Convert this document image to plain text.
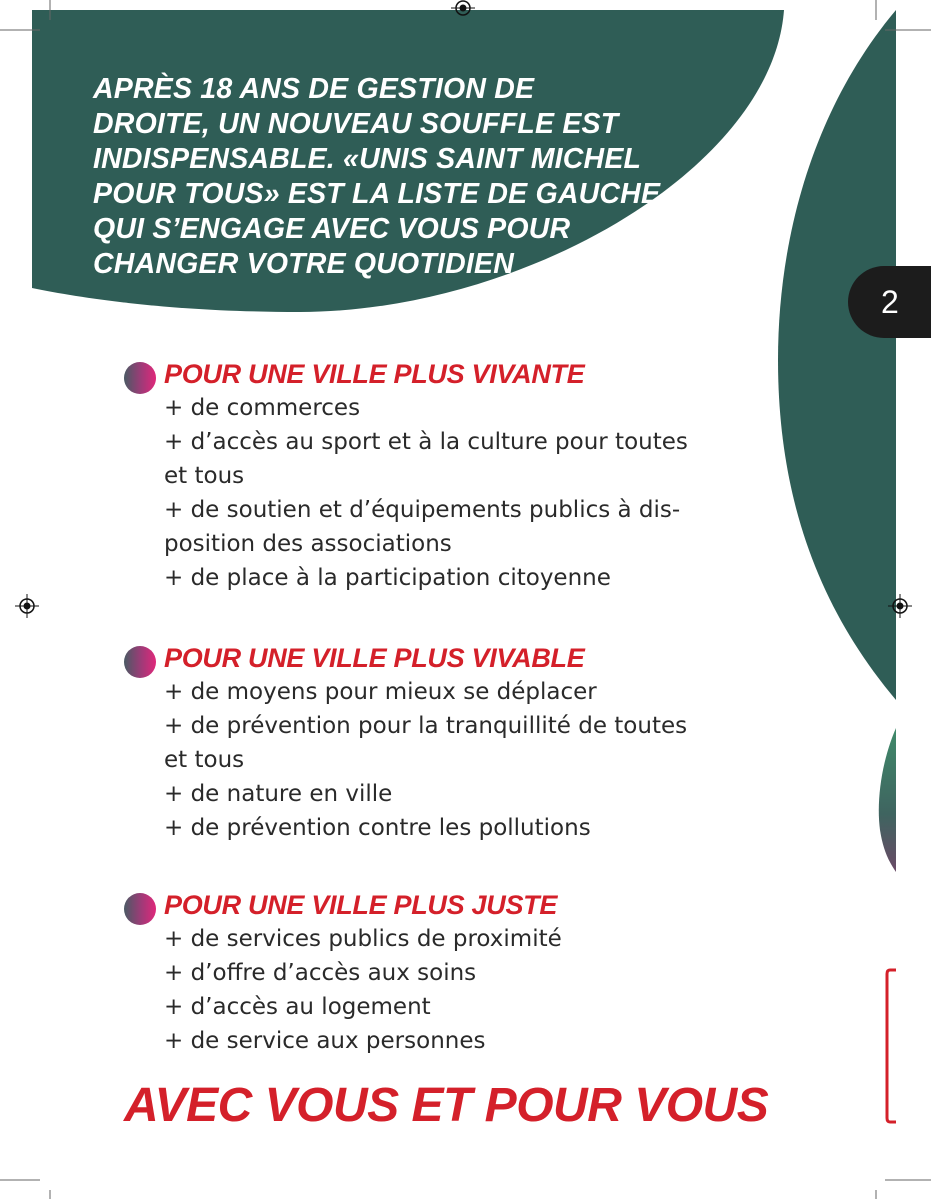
APRÈS 18 ANS DE GESTION DE
DROITE, UN NOUVEAU SOUFFLE EST
INDISPENSABLE. «UNIS SAINT MICHEL
POUR TOUS» EST LA LISTE DE GAUCHE
QUI S’ENGAGE AVEC VOUS POUR
CHANGER VOTRE QUOTIDIEN
2
POUR UNE VILLE PLUS VIVANTE
+ de commerces
+ d’accès au sport et à la culture pour toutes
et tous
+ de soutien et d’équipements publics à dis-
position des associations
+ de place à la participation citoyenne
POUR UNE VILLE PLUS VIVABLE
+ de moyens pour mieux se déplacer
+ de prévention pour la tranquillité de toutes
et tous
+ de nature en ville
+ de prévention contre les pollutions
POUR UNE VILLE PLUS JUSTE
+ de services publics de proximité
+ d’offre d’accès aux soins
+ d’accès au logement
+ de service aux personnes
AVEC VOUS ET POUR VOUS
